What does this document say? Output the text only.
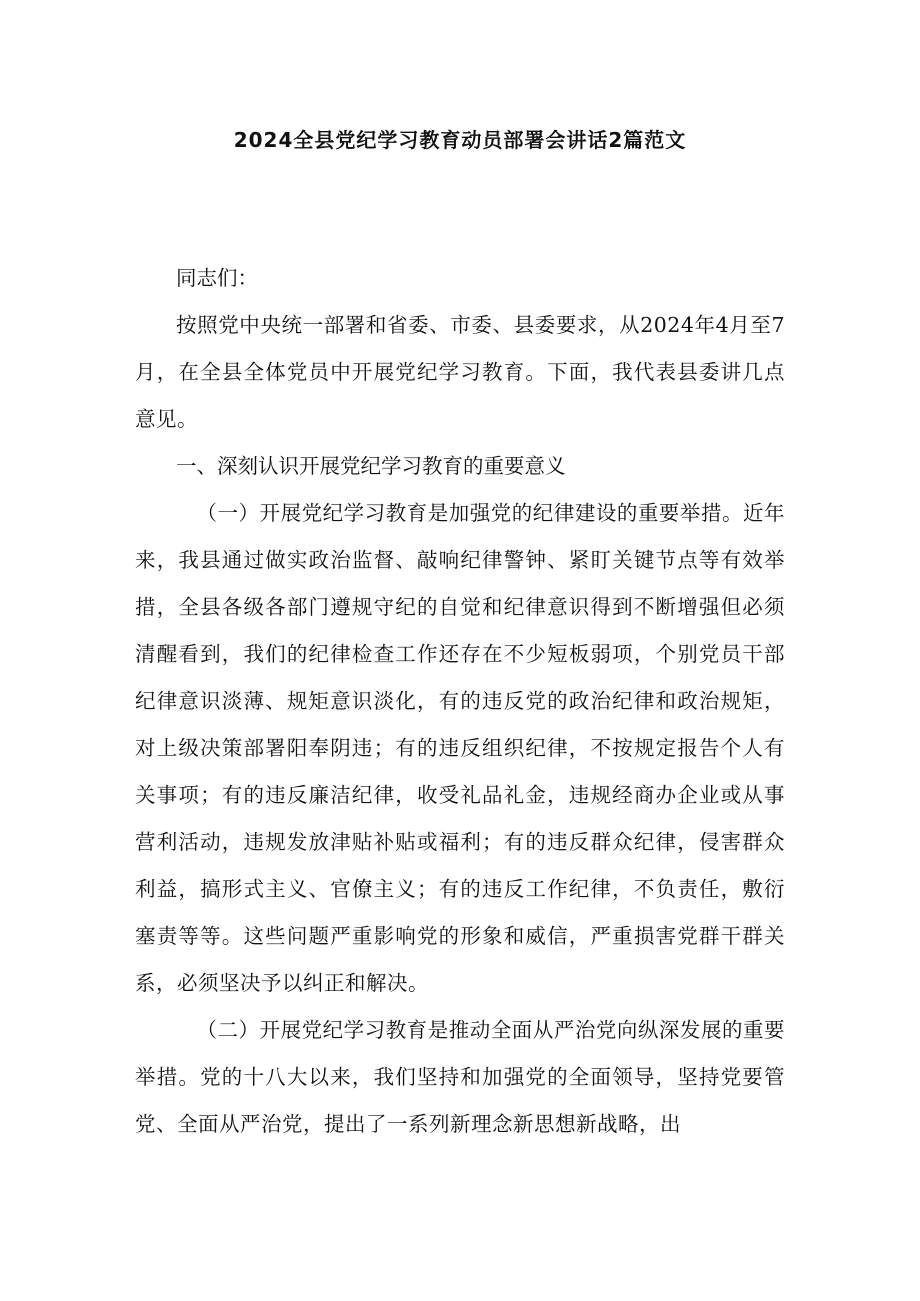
2024全县党纪学习教育动员部署会讲话2篇范文

同志们：

按照党中央统一部署和省委、市委、县委要求，从2024年4月至7月，在全县全体党员中开展党纪学习教育。下面，我代表县委讲几点意见。

一、深刻认识开展党纪学习教育的重要意义

（一）开展党纪学习教育是加强党的纪律建设的重要举措。近年来，我县通过做实政治监督、敲响纪律警钟、紧盯关键节点等有效举措，全县各级各部门遵规守纪的自觉和纪律意识得到不断增强但必须清醒看到，我们的纪律检查工作还存在不少短板弱项，个别党员干部纪律意识淡薄、规矩意识淡化，有的违反党的政治纪律和政治规矩，对上级决策部署阳奉阴违；有的违反组织纪律，不按规定报告个人有关事项；有的违反廉洁纪律，收受礼品礼金，违规经商办企业或从事营利活动，违规发放津贴补贴或福利；有的违反群众纪律，侵害群众利益，搞形式主义、官僚主义；有的违反工作纪律，不负责任，敷衍塞责等等。这些问题严重影响党的形象和威信，严重损害党群干群关系，必须坚决予以纠正和解决。

（二）开展党纪学习教育是推动全面从严治党向纵深发展的重要举措。党的十八大以来，我们坚持和加强党的全面领导，坚持党要管党、全面从严治党，提出了一系列新理念新思想新战略，出
